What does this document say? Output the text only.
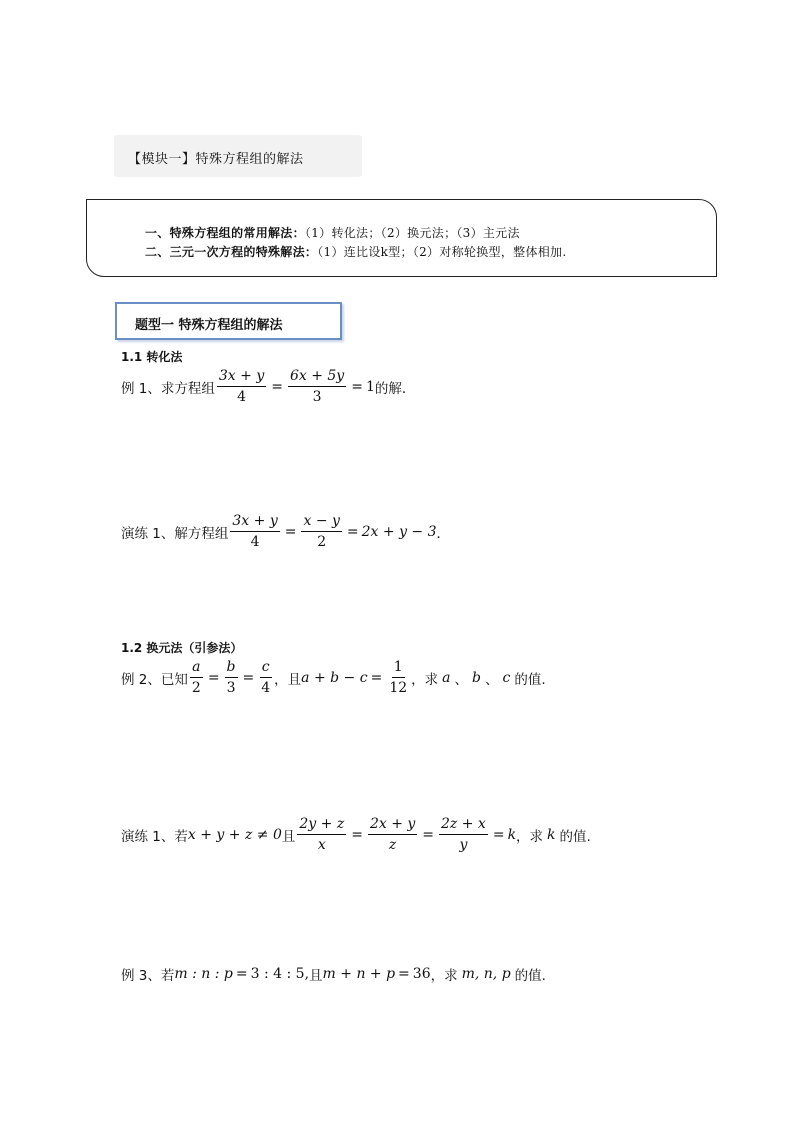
【模块一】特殊方程组的解法
一、特殊方程组的常用解法：（1）转化法；（2）换元法；（3）主元法
二、三元一次方程的特殊解法：（1）连比设k型；（2）对称轮换型，整体相加.
题型一 特殊方程组的解法
1.1 转化法
例 1、求方程组 $\frac{3x + y}{4} = \frac{6x + 5y}{3} = 1$ 的解．
演练 1、解方程组 $\frac{3x + y}{4} = \frac{x - y}{2} = 2x + y - 3$ ．
1.2 换元法（引参法）
例 2、已知 $\frac{a}{2} = \frac{b}{3} = \frac{c}{4}$ ，且 $a + b - c = \frac{1}{12}$ ，求 a 、 b 、 c 的值.
演练 1、若 x + y + z ≠ 0 且 $\frac{2y + z}{x} = \frac{2x + y}{z} = \frac{2z + x}{y} = k$ ，求 k 的值.
例 3、若 m : n : p = 3 : 4 : 5, 且 m + n + p = 36 ，求 m, n, p 的值.
